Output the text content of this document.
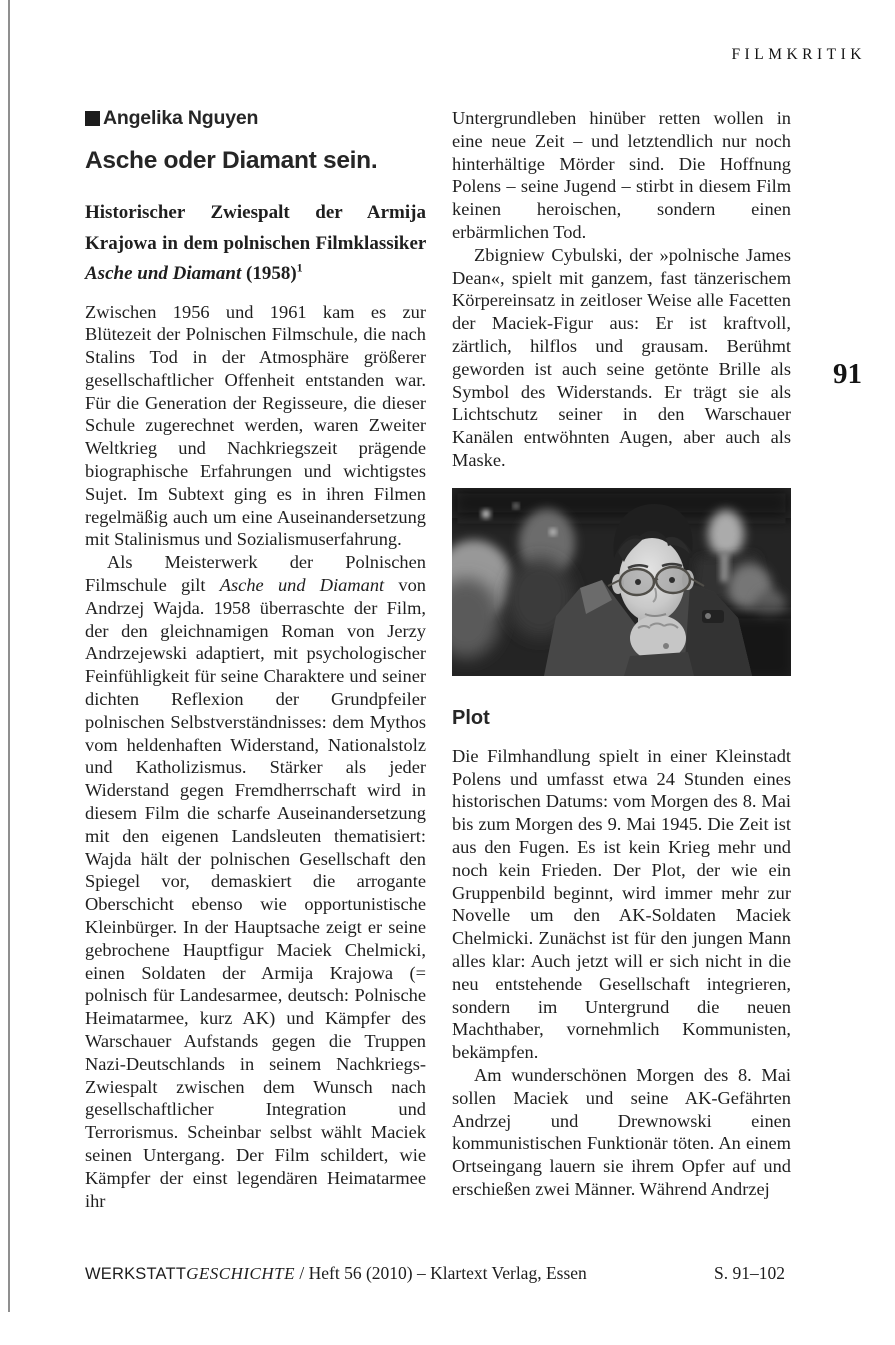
FILMKRITIK
91
Angelika Nguyen
Asche oder Diamant sein.
Historischer Zwiespalt der Armija Krajowa in dem polnischen Filmklassiker Asche und Diamant $(1958)^1$

Zwischen 1956 und 1961 kam es zur Blütezeit der Polnischen Filmschule, die nach Stalins Tod in der Atmosphäre größerer gesellschaftlicher Offenheit entstanden war. Für die Generation der Regisseure, die dieser Schule zugerechnet werden, waren Zweiter Weltkrieg und Nachkriegszeit prägende biographische Erfahrungen und wichtigstes Sujet. Im Subtext ging es in ihren Filmen regelmäßig auch um eine Auseinandersetzung mit Stalinismus und Sozialismuserfahrung.

Als Meisterwerk der Polnischen Filmschule gilt Asche und Diamant von Andrzej Wajda. 1958 überraschte der Film, der den gleichnamigen Roman von Jerzy Andrzejewski adaptiert, mit psychologischer Feinfühligkeit für seine Charaktere und seiner dichten Reflexion der Grundpfeiler polnischen Selbstverständnisses: dem Mythos vom heldenhaften Widerstand, Nationalstolz und Katholizismus. Stärker als jeder Widerstand gegen Fremdherrschaft wird in diesem Film die scharfe Auseinandersetzung mit den eigenen Landsleuten thematisiert: Wajda hält der polnischen Gesellschaft den Spiegel vor, demaskiert die arrogante Oberschicht ebenso wie opportunistische Kleinbürger. In der Hauptsache zeigt er seine gebrochene Hauptfigur Maciek Chelmicki, einen Soldaten der Armija Krajowa (= polnisch für Landesarmee, deutsch: Polnische Heimatarmee, kurz AK) und Kämpfer des Warschauer Aufstands gegen die Truppen Nazi-Deutschlands in seinem Nachkriegs-Zwiespalt zwischen dem Wunsch nach gesellschaftlicher Integration und Terrorismus. Scheinbar selbst wählt Maciek seinen Untergang. Der Film schildert, wie Kämpfer der einst legendären Heimatarmee ihr

Untergrundleben hinüber retten wollen in eine neue Zeit – und letztendlich nur noch hinterhältige Mörder sind. Die Hoffnung Polens – seine Jugend – stirbt in diesem Film keinen heroischen, sondern einen erbärmlichen Tod.

Zbigniew Cybulski, der »polnische James Dean«, spielt mit ganzem, fast tänzerischem Körpereinsatz in zeitloser Weise alle Facetten der Maciek-Figur aus: Er ist kraftvoll, zärtlich, hilflos und grausam. Berühmt geworden ist auch seine getönte Brille als Symbol des Widerstands. Er trägt sie als Lichtschutz seiner in den Warschauer Kanälen entwöhnten Augen, aber auch als Maske.

Plot

Die Filmhandlung spielt in einer Kleinstadt Polens und umfasst etwa 24 Stunden eines historischen Datums: vom Morgen des 8. Mai bis zum Morgen des 9. Mai 1945. Die Zeit ist aus den Fugen. Es ist kein Krieg mehr und noch kein Frieden. Der Plot, der wie ein Gruppenbild beginnt, wird immer mehr zur Novelle um den AK-Soldaten Maciek Chelmicki. Zunächst ist für den jungen Mann alles klar: Auch jetzt will er sich nicht in die neu entstehende Gesellschaft integrieren, sondern im Untergrund die neuen Machthaber, vornehmlich Kommunisten, bekämpfen.

Am wunderschönen Morgen des 8. Mai sollen Maciek und seine AK-Gefährten Andrzej und Drewnowski einen kommunistischen Funktionär töten. An einem Ortseingang lauern sie ihrem Opfer auf und erschießen zwei Männer. Während Andrzej

WERKSTATTGESCHICHTE / Heft 56 (2010) – Klartext Verlag, Essen	S. 91–102
